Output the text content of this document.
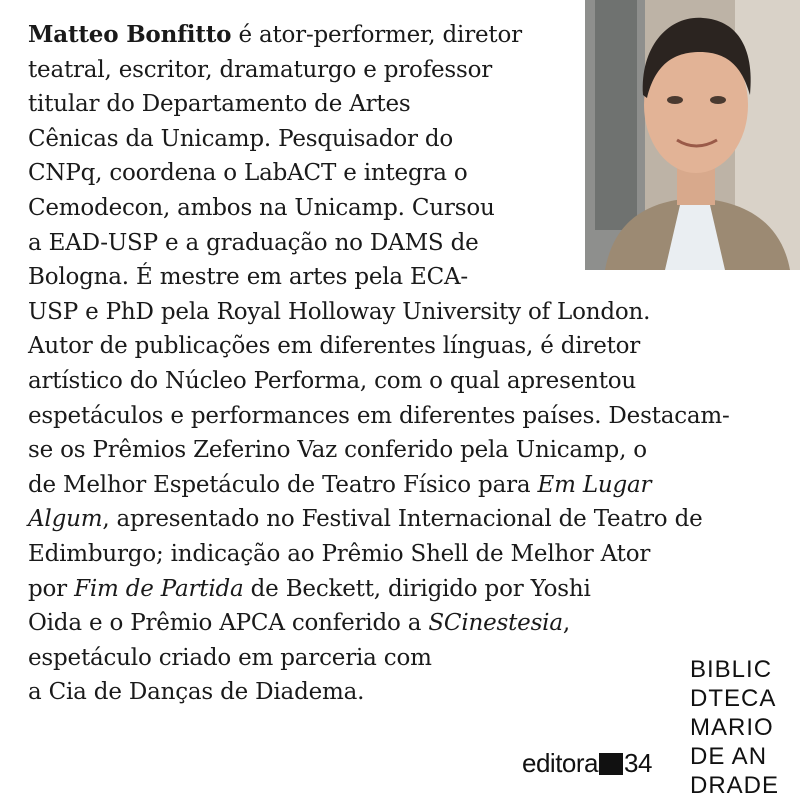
Matteo Bonfitto é ator-performer, diretor
teatral, escritor, dramaturgo e professor
titular do Departamento de Artes
Cênicas da Unicamp. Pesquisador do
CNPq, coordena o LabACT e integra o
Cemodecon, ambos na Unicamp. Cursou
a EAD-USP e a graduação no DAMS de
Bologna. É mestre em artes pela ECA-
USP e PhD pela Royal Holloway University of London.
Autor de publicações em diferentes línguas, é diretor
artístico do Núcleo Performa, com o qual apresentou
espetáculos e performances em diferentes países. Destacam-
se os Prêmios Zeferino Vaz conferido pela Unicamp, o
de Melhor Espetáculo de Teatro Físico para Em Lugar
Algum, apresentado no Festival Internacional de Teatro de
Edimburgo; indicação ao Prêmio Shell de Melhor Ator
por Fim de Partida de Beckett, dirigido por Yoshi
Oida e o Prêmio APCA conferido a SCinestesia,
espetáculo criado em parceria com
a Cia de Danças de Diadema.
editora 34
BIBLIC
DTECA
MARIO
DE AN
DRADE
